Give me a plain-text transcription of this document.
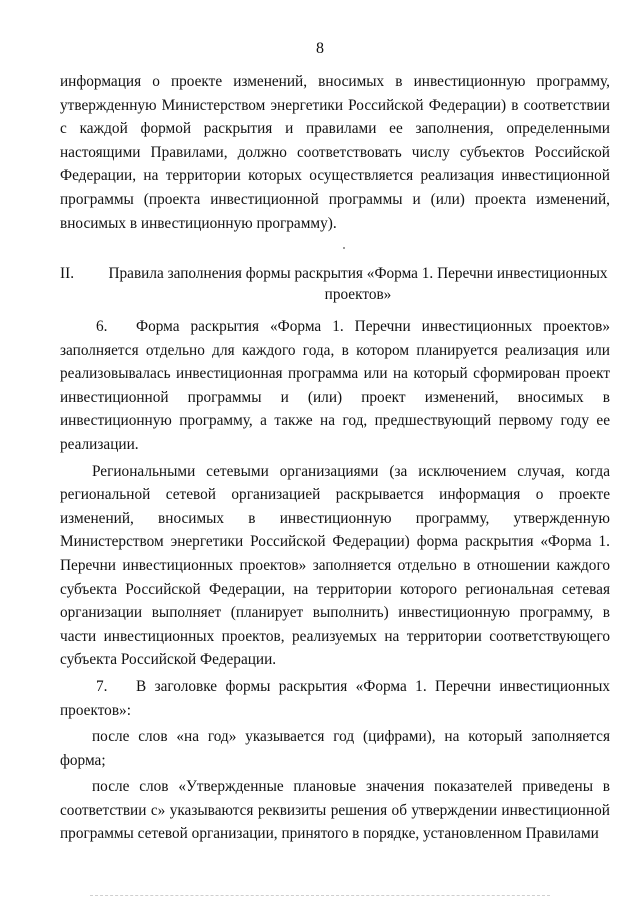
8

информация о проекте изменений, вносимых в инвестиционную программу, утвержденную Министерством энергетики Российской Федерации) в соответствии с каждой формой раскрытия и правилами ее заполнения, определенными настоящими Правилами, должно соответствовать числу субъектов Российской Федерации, на территории которых осуществляется реализация инвестиционной программы (проекта инвестиционной программы и (или) проекта изменений, вносимых в инвестиционную программу).

II.	Правила заполнения формы раскрытия «Форма 1. Перечни инвестиционных проектов»

6. Форма раскрытия «Форма 1. Перечни инвестиционных проектов» заполняется отдельно для каждого года, в котором планируется реализация или реализовывалась инвестиционная программа или на который сформирован проект инвестиционной программы и (или) проект изменений, вносимых в инвестиционную программу, а также на год, предшествующий первому году ее реализации.

Региональными сетевыми организациями (за исключением случая, когда региональной сетевой организацией раскрывается информация о проекте изменений, вносимых в инвестиционную программу, утвержденную Министерством энергетики Российской Федерации) форма раскрытия «Форма 1. Перечни инвестиционных проектов» заполняется отдельно в отношении каждого субъекта Российской Федерации, на территории которого региональная сетевая организации выполняет (планирует выполнить) инвестиционную программу, в части инвестиционных проектов, реализуемых на территории соответствующего субъекта Российской Федерации.

7. В заголовке формы раскрытия «Форма 1. Перечни инвестиционных проектов»:

после слов «на год» указывается год (цифрами), на который заполняется форма;

после слов «Утвержденные плановые значения показателей приведены в соответствии с» указываются реквизиты решения об утверждении инвестиционной программы сетевой организации, принятого в порядке, установленном Правилами
